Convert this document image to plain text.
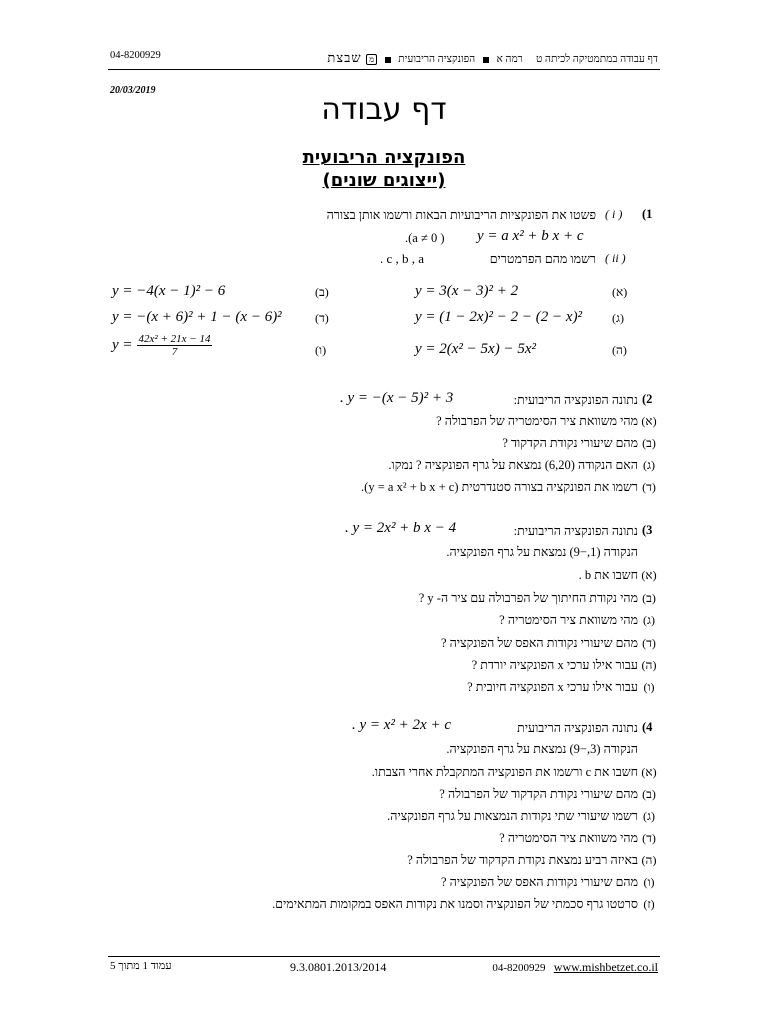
דף עבודה במתמטיקה לכיתה ט     רמה א  הפונקציה הריבועית  מ שבצת
04-8200929
20/03/2019
דף עבודה
הפונקציה הריבועית
(ייצוגים שונים)
(1
( i )
פשטו את הפונקציות הריבועיות הבאות ורשמו אותן בצורה
y = a x² + b x + c
.(a ≠ 0 )
( ii )
רשמו מהם הפרמטרים
. c , b , a
(א)
y = 3(x − 3)² + 2
(ב)
y = −4(x − 1)² − 6
(ג)
y = (1 − 2x)² − 2 − (2 − x)²
(ד)
y = −(x + 6)² + 1 − (x − 6)²
(ה)
y = 2(x² − 5x) − 5x²
(ו)
$y = \frac{\text{42x² + 21x − 14}}{7}$
(2
נתונה הפונקציה הריבועית:
. y = −(x − 5)² + 3
(א)
מהי משוואת ציר הסימטריה של הפרבולה ?
(ב)
מהם שיעורי נקודת הקדקוד ?
(ג)
האם הנקודה (6,20) נמצאת על גרף הפונקציה ? נמקו.
(ד)
רשמו את הפונקציה בצורה סטנדרטית (y = a x² + b x + c).
(3
נתונה הפונקציה הריבועית:
. y = 2x² + b x − 4
הנקודה (1,−9) נמצאת על גרף הפונקציה.
(א)
חשבו את b .
(ב)
מהי נקודת החיתוך של הפרבולה עם ציר ה- y ?
(ג)
מהי משוואת ציר הסימטריה ?
(ד)
מהם שיעורי נקודות האפס של הפונקציה ?
(ה)
עבור אילו ערכי x הפונקציה יורדת ?
(ו)
עבור אילו ערכי x הפונקציה חיובית ?
(4
נתונה הפונקציה הריבועית
. y = x² + 2x + c
הנקודה (3,−9) נמצאת על גרף הפונקציה.
(א)
חשבו את c ורשמו את הפונקציה המתקבלת אחרי הצבתו.
(ב)
מהם שיעורי נקודת הקדקוד של הפרבולה ?
(ג)
רשמו שיעורי שתי נקודות הנמצאות על גרף הפונקציה.
(ד)
מהי משוואת ציר הסימטריה ?
(ה)
באיזה רביע נמצאת נקודת הקדקוד של הפרבולה ?
(ו)
מהם שיעורי נקודות האפס של הפונקציה ?
(ז)
סרטטו גרף סכמתי של הפונקציה וסמנו את נקודות האפס במקומות המתאימים.
עמוד 1 מתוך 5	9.3.0801.2013/2014	04-8200929 www.mishbetzet.co.il
